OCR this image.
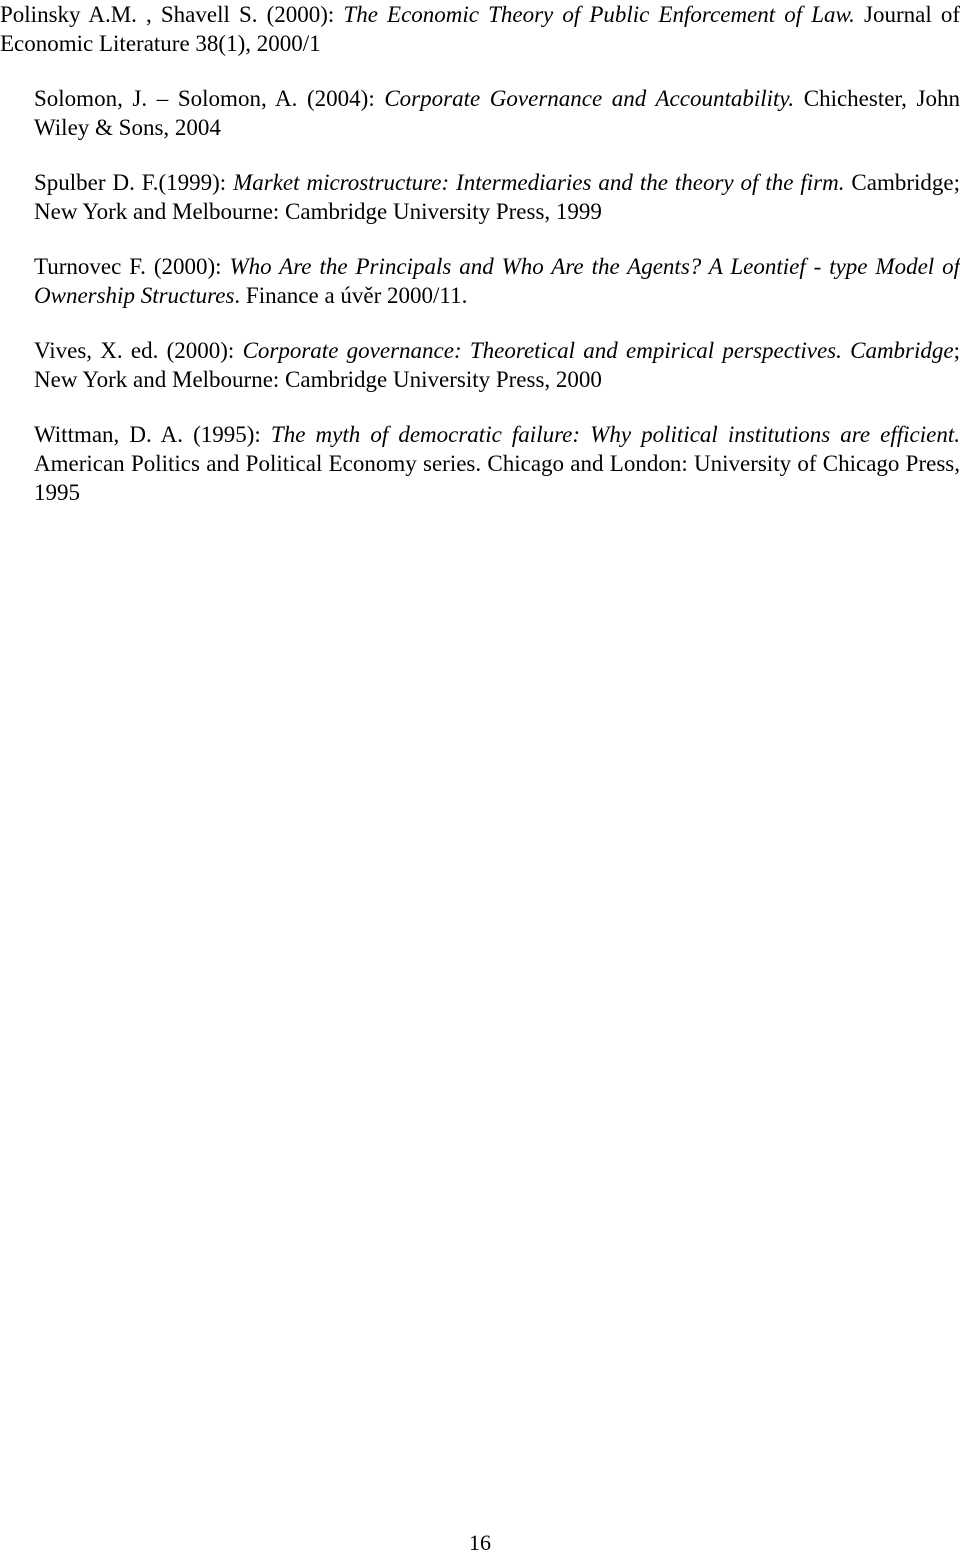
Polinsky A.M. , Shavell S. (2000): The Economic Theory of Public Enforcement of Law. Journal of Economic Literature 38(1), 2000/1

Solomon, J. – Solomon, A. (2004): Corporate Governance and Accountability. Chichester, John Wiley & Sons, 2004

Spulber D. F.(1999): Market microstructure: Intermediaries and the theory of the firm. Cambridge; New York and Melbourne: Cambridge University Press, 1999

Turnovec F. (2000): Who Are the Principals and Who Are the Agents? A Leontief - type Model of Ownership Structures. Finance a úvěr 2000/11.

Vives, X. ed. (2000): Corporate governance: Theoretical and empirical perspectives. Cambridge; New York and Melbourne: Cambridge University Press, 2000

Wittman, D. A. (1995): The myth of democratic failure: Why political institutions are efficient. American Politics and Political Economy series. Chicago and London: University of Chicago Press, 1995

16
